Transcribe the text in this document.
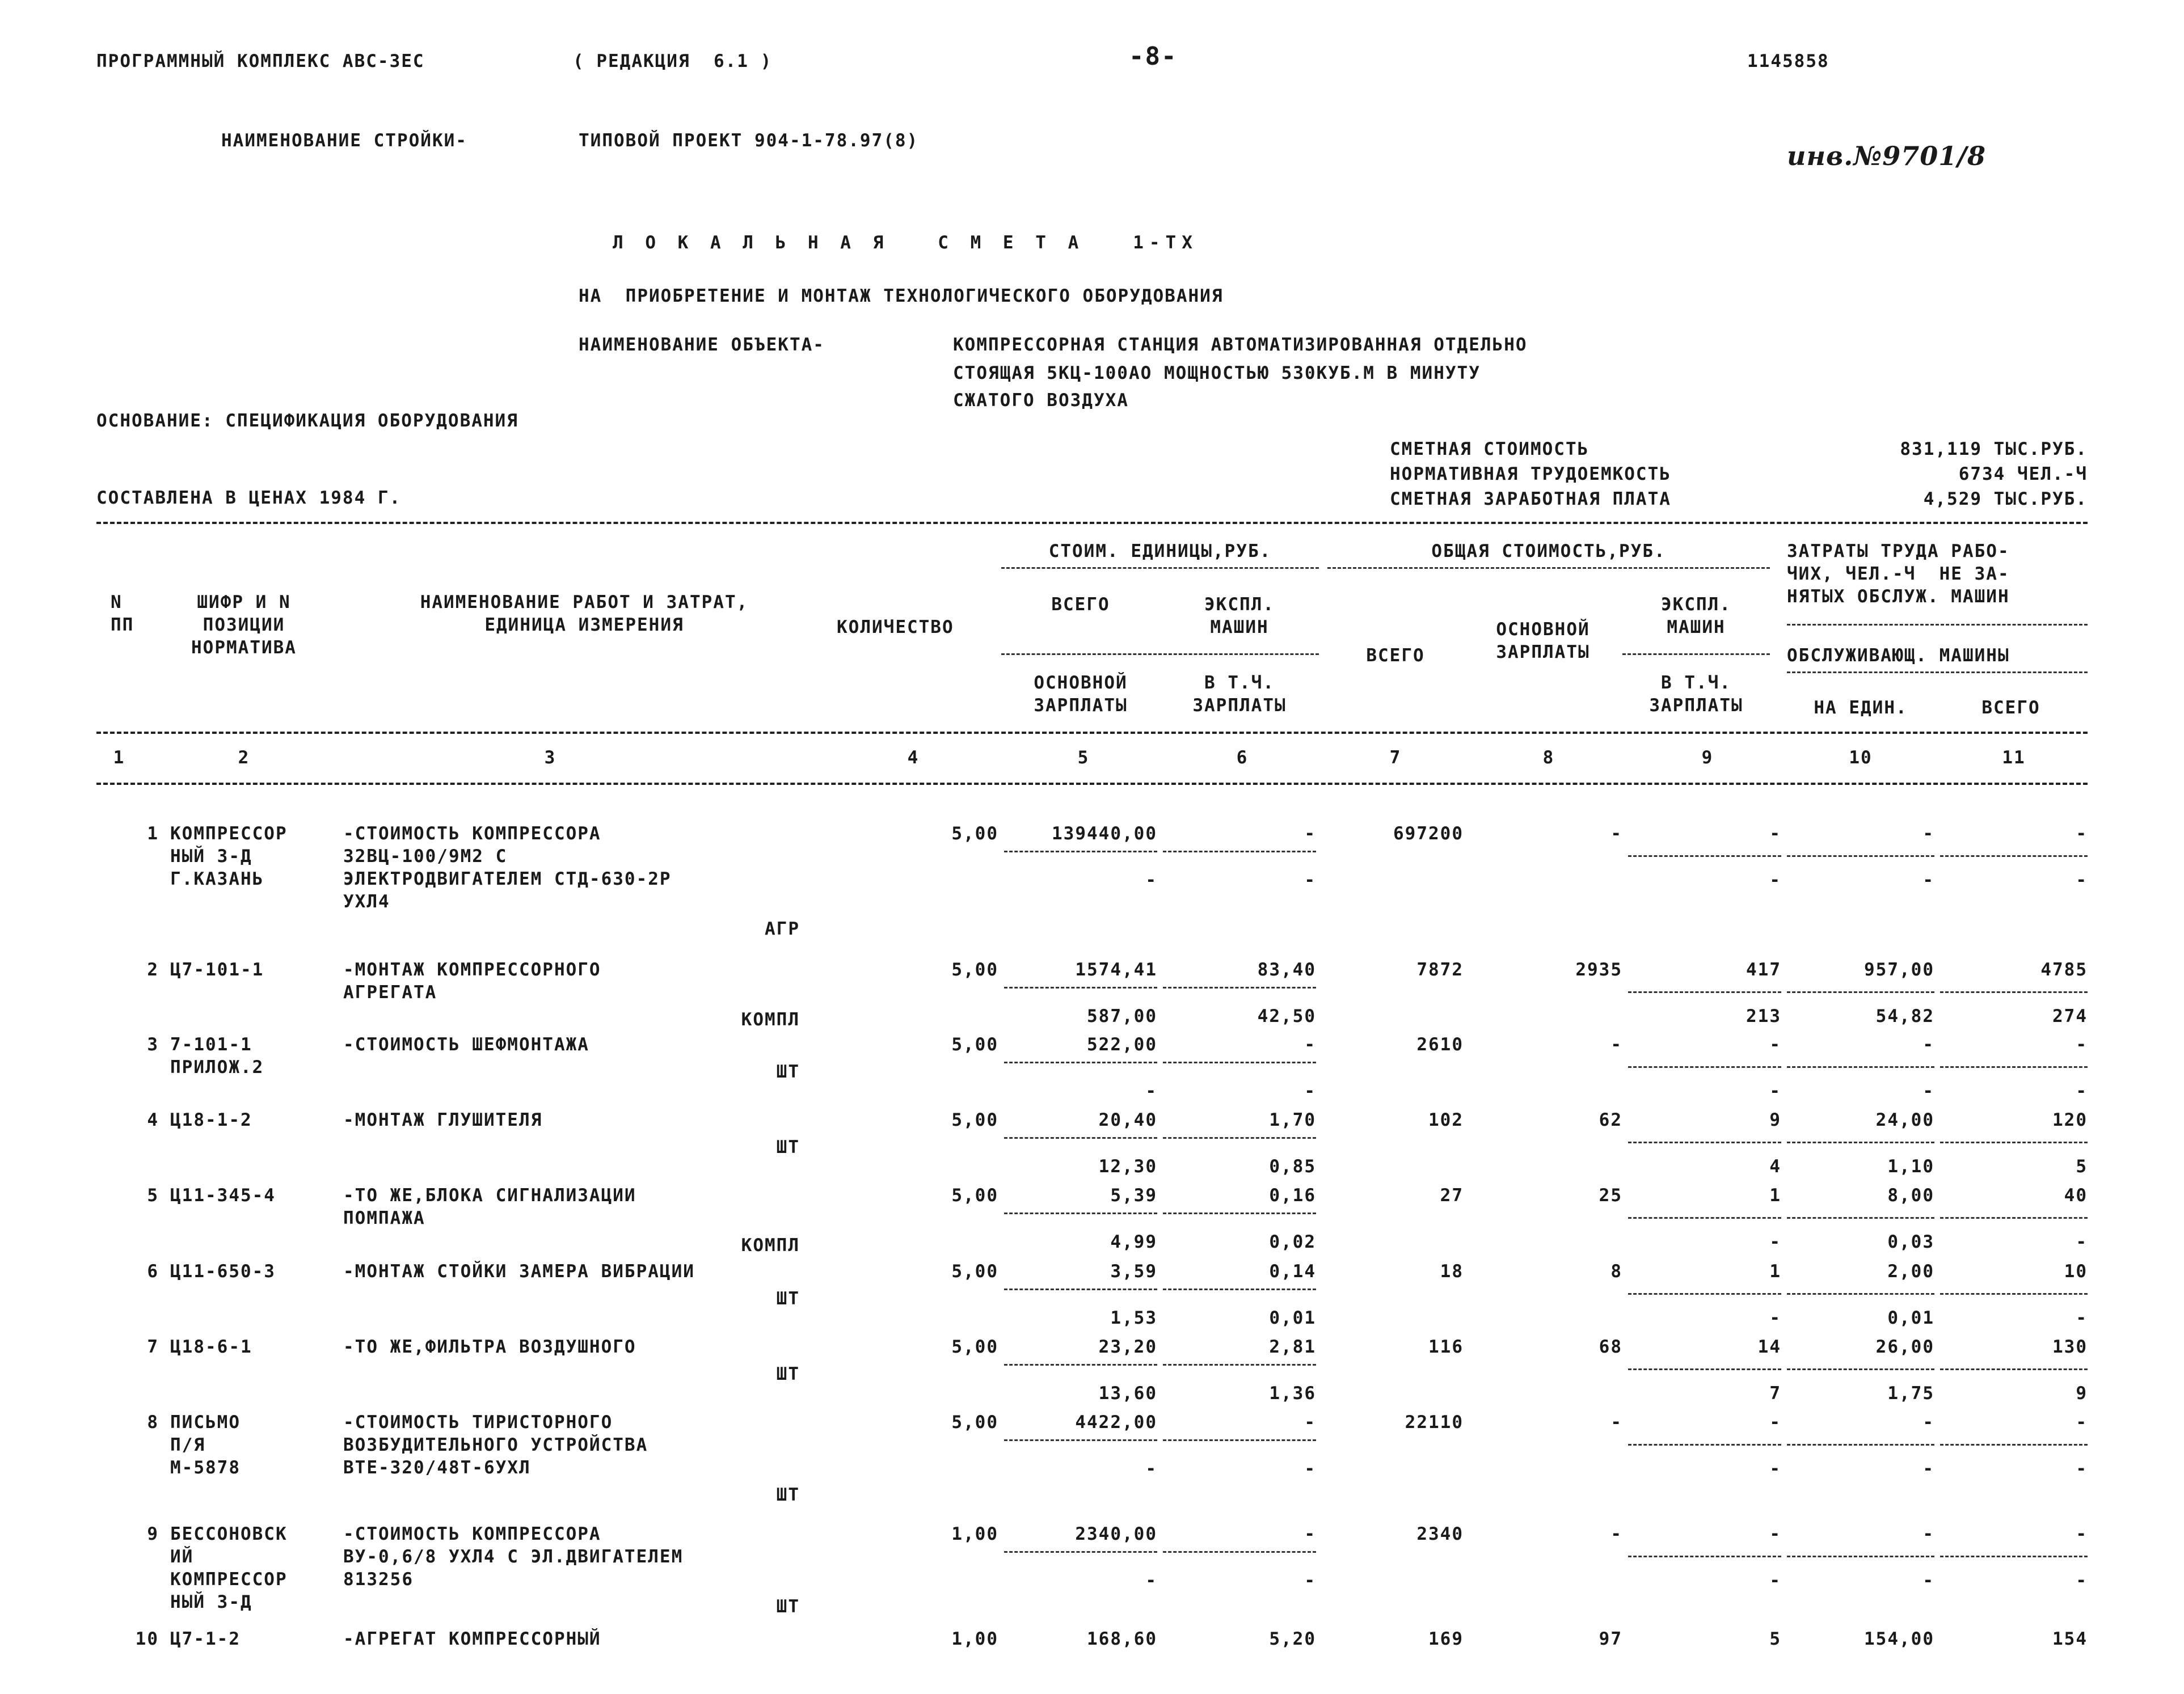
ПРОГРАММНЫЙ КОМПЛЕКС АВС-3ЕС	( РЕДАКЦИЯ  6.1 )	-8-	1145858
НАИМЕНОВАНИЕ СТРОЙКИ-	ТИПОВОЙ ПРОЕКТ 904-1-78.97(8)	инв.№9701/8
Л О К А Л Ь Н А Я   С М Е Т А   1-ТХ
НА  ПРИОБРЕТЕНИЕ И МОНТАЖ ТЕХНОЛОГИЧЕСКОГО ОБОРУДОВАНИЯ
НАИМЕНОВАНИЕ ОБЪЕКТА-	КОМПРЕССОРНАЯ СТАНЦИЯ АВТОМАТИЗИРОВАННАЯ ОТДЕЛЬНО
СТОЯЩАЯ 5КЦ-100АО МОЩНОСТЬЮ 530КУБ.М В МИНУТУ
СЖАТОГО ВОЗДУХА
ОСНОВАНИЕ: СПЕЦИФИКАЦИЯ ОБОРУДОВАНИЯ
СОСТАВЛЕНА В ЦЕНАХ 1984 Г.
СМЕТНАЯ СТОИМОСТЬ	831,119 ТЫС.РУБ.
НОРМАТИВНАЯ ТРУДОЕМКОСТЬ	6734 ЧЕЛ.-Ч
СМЕТНАЯ ЗАРАБОТНАЯ ПЛАТА	4,529 ТЫС.РУБ.
N
ПП
ШИФР И N
ПОЗИЦИИ
НОРМАТИВА
НАИМЕНОВАНИЕ РАБОТ И ЗАТРАТ,
ЕДИНИЦА ИЗМЕРЕНИЯ	КОЛИЧЕСТВО
СТОИМ. ЕДИНИЦЫ,РУБ.
ВСЕГО	ЭКСПЛ.
МАШИН
ОСНОВНОЙ
ЗАРПЛАТЫ
В Т.Ч.
ЗАРПЛАТЫ
ОБЩАЯ СТОИМОСТЬ,РУБ.
ВСЕГО
ОСНОВНОЙ
ЗАРПЛАТЫ
ЭКСПЛ.
МАШИН
В Т.Ч.
ЗАРПЛАТЫ
ЗАТРАТЫ ТРУДА РАБО-
ЧИХ, ЧЕЛ.-Ч  НЕ ЗА-
НЯТЫХ ОБСЛУЖ. МАШИН
ОБСЛУЖИВАЮЩ. МАШИНЫ
НА ЕДИН.	ВСЕГО
1	2	3	4	5	6	7	8	9	10	11
1 КОМПРЕССОР
НЫЙ З-Д
Г.КАЗАНЬ
-СТОИМОСТЬ КОМПРЕССОРА
32ВЦ-100/9М2 С
ЭЛЕКТРОДВИГАТЕЛЕМ СТД-630-2Р
УХЛ4
АГР
5,00	139440,00	-	697200	-	-	-	-
-	-	-	-	-
2 Ц7-101-1	-МОНТАЖ КОМПРЕССОРНОГО
АГРЕГАТА
КОМПЛ
5,00	1574,41	83,40	7872	2935	417	957,00	4785
587,00	42,50	213	54,82	274
3 7-101-1
ПРИЛОЖ.2
-СТОИМОСТЬ ШЕФМОНТАЖА
ШТ
5,00	522,00	-	2610	-	-	-	-
-	-	-	-	-
4 Ц18-1-2	-МОНТАЖ ГЛУШИТЕЛЯ
ШТ
5,00	20,40	1,70	102	62	9	24,00	120
12,30	0,85	4	1,10	5
5 Ц11-345-4	-ТО ЖЕ,БЛОКА СИГНАЛИЗАЦИИ
ПОМПАЖА
КОМПЛ
5,00	5,39	0,16	27	25	1	8,00	40
4,99	0,02	-	0,03	-
6 Ц11-650-3	-МОНТАЖ СТОЙКИ ЗАМЕРА ВИБРАЦИИ
ШТ
5,00	3,59	0,14	18	8	1	2,00	10
1,53	0,01	-	0,01	-
7 Ц18-6-1	-ТО ЖЕ,ФИЛЬТРА ВОЗДУШНОГО
ШТ
5,00	23,20	2,81	116	68	14	26,00	130
13,60	1,36	7	1,75	9
8 ПИСЬМО
П/Я
М-5878
-СТОИМОСТЬ ТИРИСТОРНОГО
ВОЗБУДИТЕЛЬНОГО УСТРОЙСТВА
ВТЕ-320/48Т-6УХЛ
ШТ
5,00	4422,00	-	22110	-	-	-	-
-	-	-	-	-
9 БЕССОНОВСК
ИЙ
КОМПРЕССОР
НЫЙ З-Д
-СТОИМОСТЬ КОМПРЕССОРА
ВУ-0,6/8 УХЛ4 С ЭЛ.ДВИГАТЕЛЕМ
813256
ШТ
1,00	2340,00	-	2340	-	-	-	-
-	-	-	-	-
10 Ц7-1-2	-АГРЕГАТ КОМПРЕССОРНЫЙ	1,00	168,60	5,20	169	97	5	154,00	154
